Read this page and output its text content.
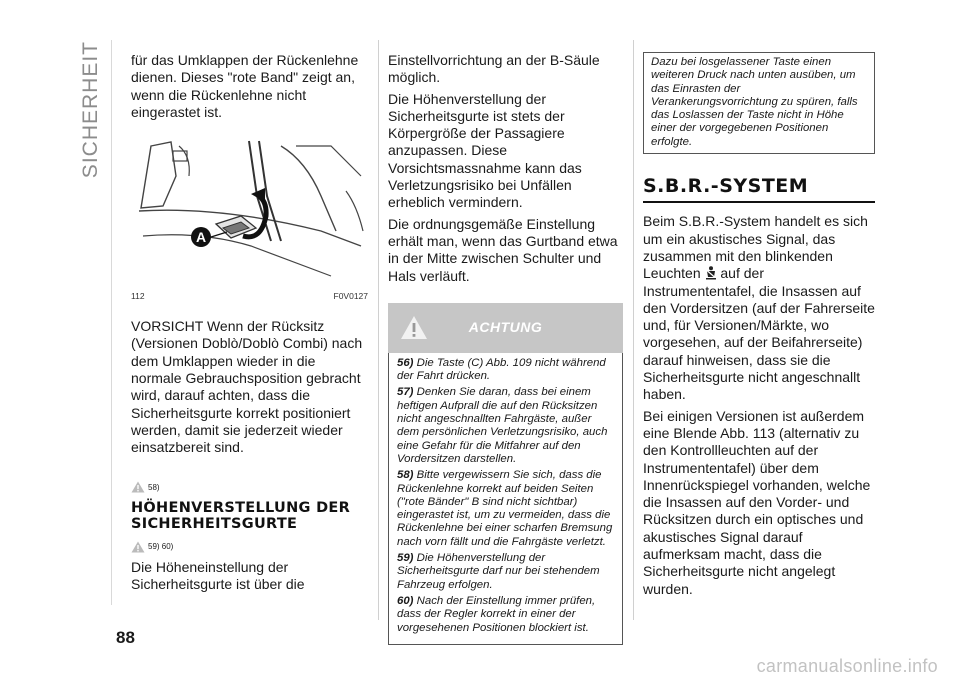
SICHERHEIT für das Umklappen der Rückenlehne dienen. Dieses "rote Band" zeigt an, wenn die Rückenlehne nicht eingerastet ist.

A
112	F0V0127

VORSICHT Wenn der Rücksitz (Versionen Doblò/Doblò Combi) nach dem Umklappen wieder in die normale Gebrauchsposition gebracht wird, darauf achten, dass die Sicherheitsgurte korrekt positioniert werden, damit sie jederzeit wieder einsatzbereit sind.

58)
HÖHENVERSTELLUNG DER SICHERHEITSGURTE
59) 60)

Die Höheneinstellung der Sicherheitsgurte ist über die

Einstellvorrichtung an der B-Säule möglich.

Die Höhenverstellung der Sicherheitsgurte ist stets der Körpergröße der Passagiere anzupassen. Diese Vorsichtsmassnahme kann das Verletzungsrisiko bei Unfällen erheblich vermindern.

Die ordnungsgemäße Einstellung erhält man, wenn das Gurtband etwa in der Mitte zwischen Schulter und Hals verläuft.

ACHTUNG

56) Die Taste (C) Abb. 109 nicht während der Fahrt drücken.

57) Denken Sie daran, dass bei einem heftigen Aufprall die auf den Rücksitzen nicht angeschnallten Fahrgäste, außer dem persönlichen Verletzungsrisiko, auch eine Gefahr für die Mitfahrer auf den Vordersitzen darstellen.

58) Bitte vergewissern Sie sich, dass die Rückenlehne korrekt auf beiden Seiten ("rote Bänder" B sind nicht sichtbar) eingerastet ist, um zu vermeiden, dass die Rückenlehne bei einer scharfen Bremsung nach vorn fällt und die Fahrgäste verletzt.

59) Die Höhenverstellung der Sicherheitsgurte darf nur bei stehendem Fahrzeug erfolgen.

60) Nach der Einstellung immer prüfen, dass der Regler korrekt in einer der vorgesehenen Positionen blockiert ist.

Dazu bei losgelassener Taste einen weiteren Druck nach unten ausüben, um das Einrasten der Verankerungsvorrichtung zu spüren, falls das Loslassen der Taste nicht in Höhe einer der vorgegebenen Positionen erfolgte.
S.B.R.-SYSTEM

Beim S.B.R.-System handelt es sich um ein akustisches Signal, das zusammen mit den blinkenden Leuchten auf der Instrumententafel, die Insassen auf den Vordersitzen (auf der Fahrerseite und, für Versionen/Märkte, wo vorgesehen, auf der Beifahrerseite) darauf hinweisen, dass sie die Sicherheitsgurte nicht angeschnallt haben.

Bei einigen Versionen ist außerdem eine Blende Abb. 113 (alternativ zu den Kontrollleuchten auf der Instrumententafel) über dem Innenrückspiegel vorhanden, welche die Insassen auf den Vorder- und Rücksitzen durch ein optisches und akustisches Signal darauf aufmerksam macht, dass die Sicherheitsgurte nicht angelegt wurden.

88
carmanualsonline.info
